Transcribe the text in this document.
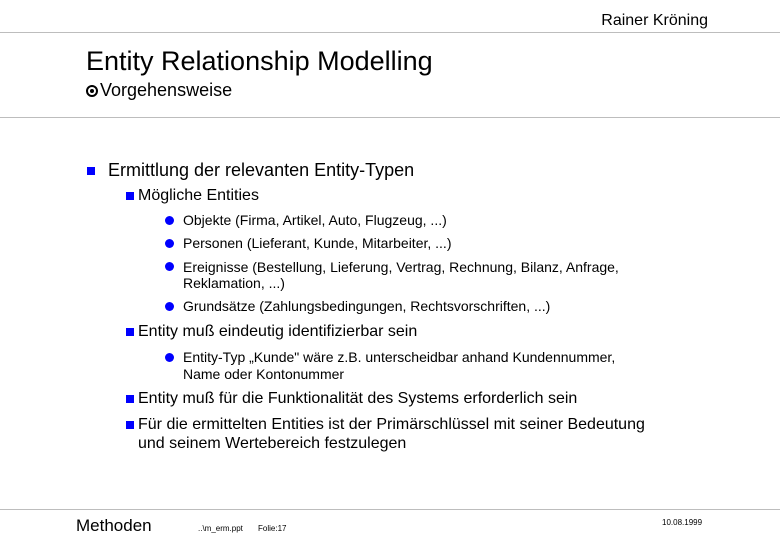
Rainer Kröning
Entity Relationship Modelling
Vorgehensweise
Ermittlung der relevanten Entity-Typen
Mögliche Entities
Objekte (Firma, Artikel, Auto, Flugzeug, ...)
Personen (Lieferant, Kunde, Mitarbeiter, ...)
Ereignisse (Bestellung, Lieferung, Vertrag, Rechnung, Bilanz, Anfrage,
Reklamation, ...)
Grundsätze (Zahlungsbedingungen, Rechtsvorschriften, ...)
Entity muß eindeutig identifizierbar sein
Entity-Typ „Kunde" wäre z.B. unterscheidbar anhand Kundennummer,
Name oder Kontonummer
Entity muß für die Funktionalität des Systems erforderlich sein
Für die ermittelten Entities ist der Primärschlüssel mit seiner Bedeutung
und seinem Wertebereich festzulegen
Methoden	..\m_erm.ppt Folie:17
10.08.1999
